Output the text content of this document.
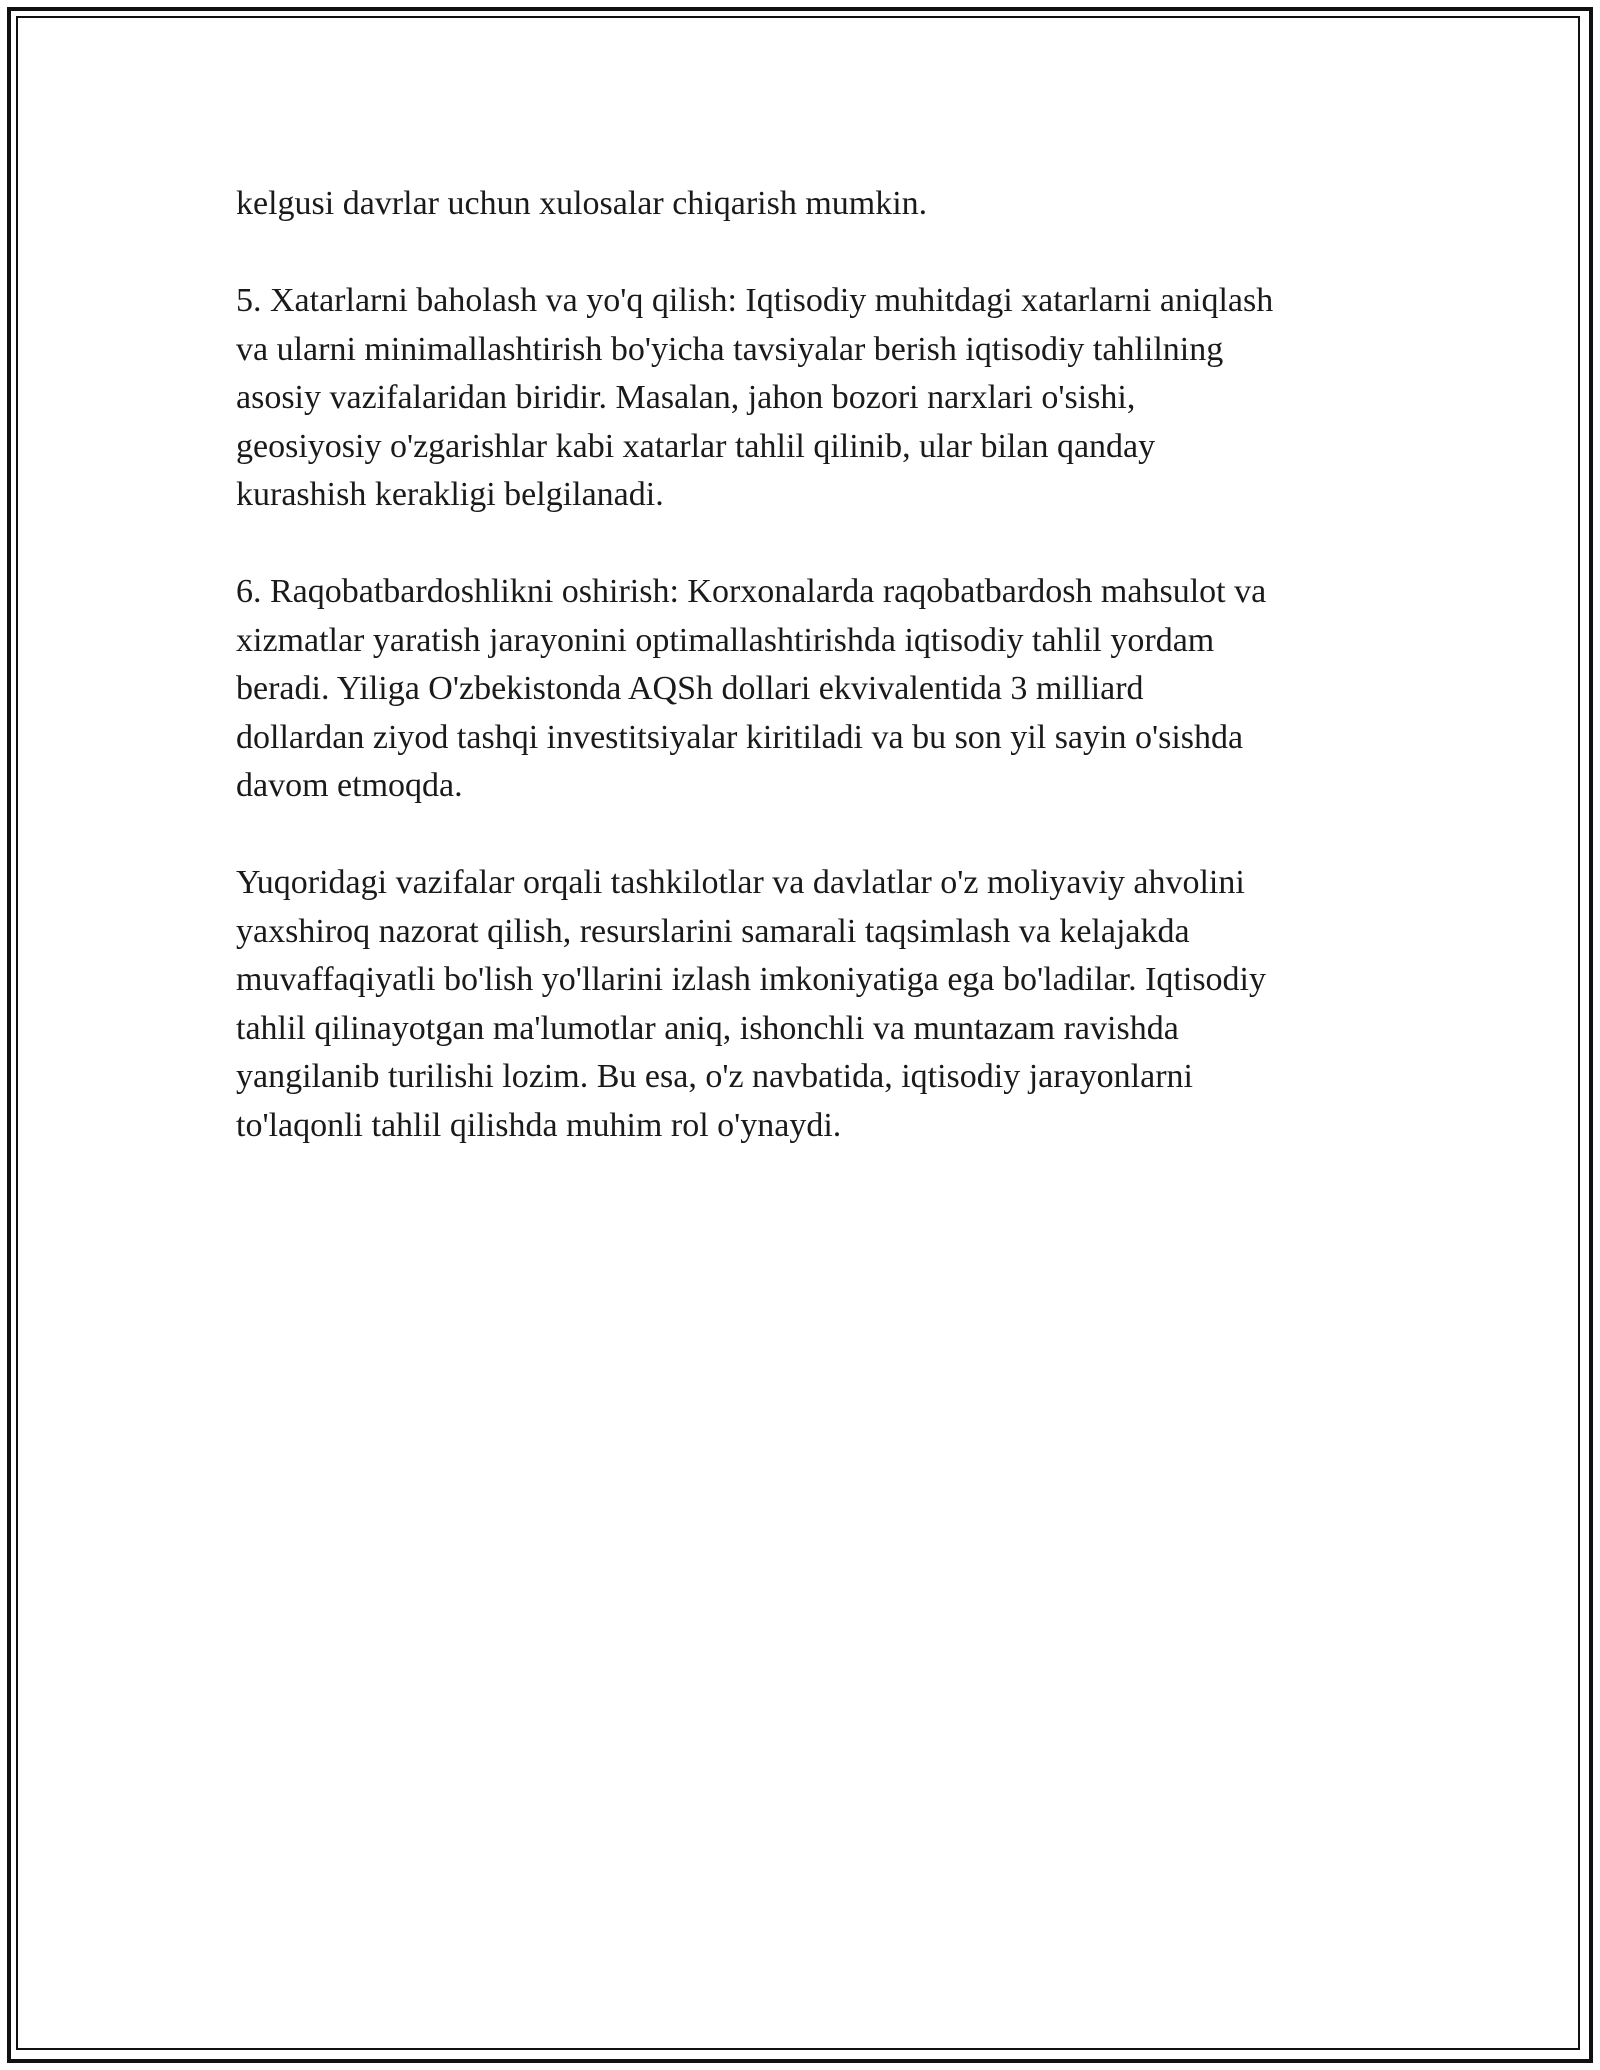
kelgusi davrlar uchun xulosalar chiqarish mumkin.

5. Xatarlarni baholash va yo'q qilish: Iqtisodiy muhitdagi xatarlarni aniqlash
va ularni minimallashtirish bo'yicha tavsiyalar berish iqtisodiy tahlilning
asosiy vazifalaridan biridir. Masalan, jahon bozori narxlari o'sishi,
geosiyosiy o'zgarishlar kabi xatarlar tahlil qilinib, ular bilan qanday
kurashish kerakligi belgilanadi.

6. Raqobatbardoshlikni oshirish: Korxonalarda raqobatbardosh mahsulot va
xizmatlar yaratish jarayonini optimallashtirishda iqtisodiy tahlil yordam
beradi. Yiliga O'zbekistonda AQSh dollari ekvivalentida 3 milliard
dollardan ziyod tashqi investitsiyalar kiritiladi va bu son yil sayin o'sishda
davom etmoqda.

Yuqoridagi vazifalar orqali tashkilotlar va davlatlar o'z moliyaviy ahvolini
yaxshiroq nazorat qilish, resurslarini samarali taqsimlash va kelajakda
muvaffaqiyatli bo'lish yo'llarini izlash imkoniyatiga ega bo'ladilar. Iqtisodiy
tahlil qilinayotgan ma'lumotlar aniq, ishonchli va muntazam ravishda
yangilanib turilishi lozim. Bu esa, o'z navbatida, iqtisodiy jarayonlarni
to'laqonli tahlil qilishda muhim rol o'ynaydi.
